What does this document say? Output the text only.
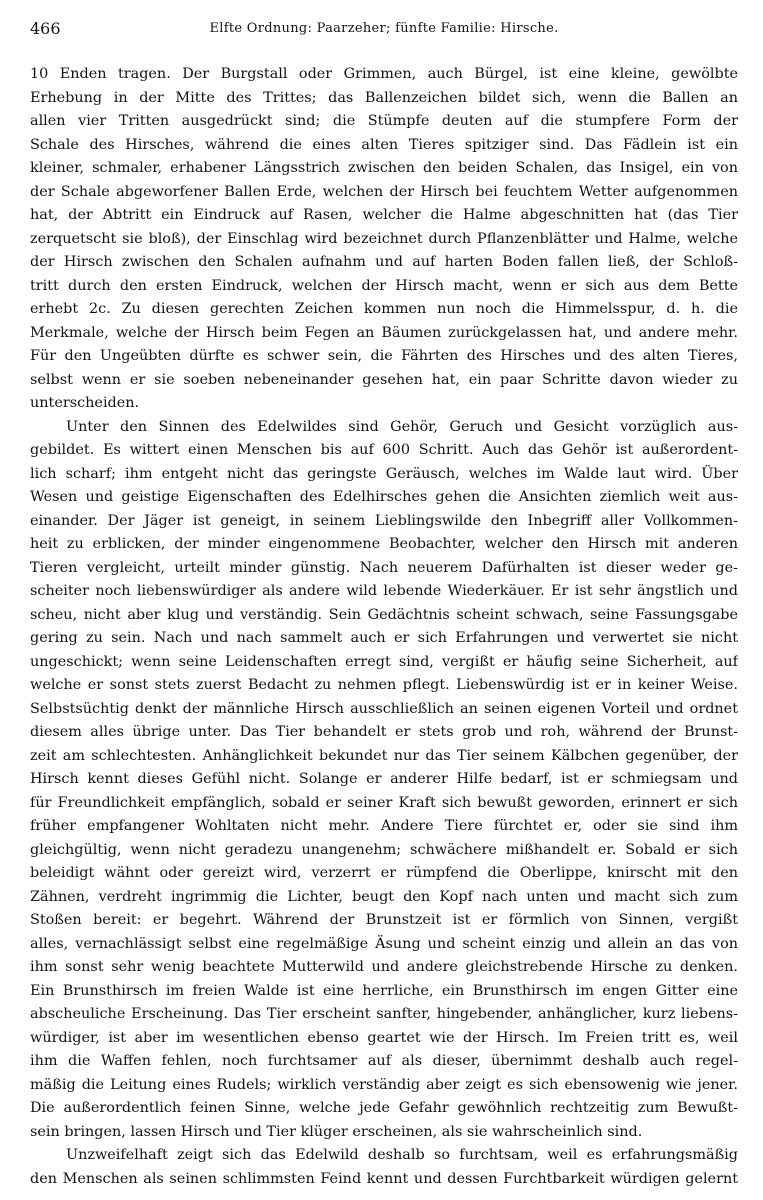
466	Elfte Ordnung: Paarzeher; fünfte Familie: Hirsche.
10 Enden tragen. Der Burgstall oder Grimmen, auch Bürgel, ist eine kleine, gewölbte
Erhebung in der Mitte des Trittes; das Ballenzeichen bildet sich, wenn die Ballen an
allen vier Tritten ausgedrückt sind; die Stümpfe deuten auf die stumpfere Form der
Schale des Hirsches, während die eines alten Tieres spitziger sind. Das Fädlein ist ein
kleiner, schmaler, erhabener Längsstrich zwischen den beiden Schalen, das Insigel, ein von
der Schale abgeworfener Ballen Erde, welchen der Hirsch bei feuchtem Wetter aufgenommen
hat, der Abtritt ein Eindruck auf Rasen, welcher die Halme abgeschnitten hat (das Tier
zerquetscht sie bloß), der Einschlag wird bezeichnet durch Pflanzenblätter und Halme, welche
der Hirsch zwischen den Schalen aufnahm und auf harten Boden fallen ließ, der Schloß-
tritt durch den ersten Eindruck, welchen der Hirsch macht, wenn er sich aus dem Bette
erhebt 2c. Zu diesen gerechten Zeichen kommen nun noch die Himmelsspur, d. h. die
Merkmale, welche der Hirsch beim Fegen an Bäumen zurückgelassen hat, und andere mehr.
Für den Ungeübten dürfte es schwer sein, die Fährten des Hirsches und des alten Tieres,
selbst wenn er sie soeben nebeneinander gesehen hat, ein paar Schritte davon wieder zu
unterscheiden.
Unter den Sinnen des Edelwildes sind Gehör, Geruch und Gesicht vorzüglich aus-
gebildet. Es wittert einen Menschen bis auf 600 Schritt. Auch das Gehör ist außerordent-
lich scharf; ihm entgeht nicht das geringste Geräusch, welches im Walde laut wird. Über
Wesen und geistige Eigenschaften des Edelhirsches gehen die Ansichten ziemlich weit aus-
einander. Der Jäger ist geneigt, in seinem Lieblingswilde den Inbegriff aller Vollkommen-
heit zu erblicken, der minder eingenommene Beobachter, welcher den Hirsch mit anderen
Tieren vergleicht, urteilt minder günstig. Nach neuerem Dafürhalten ist dieser weder ge-
scheiter noch liebenswürdiger als andere wild lebende Wiederkäuer. Er ist sehr ängstlich und
scheu, nicht aber klug und verständig. Sein Gedächtnis scheint schwach, seine Fassungsgabe
gering zu sein. Nach und nach sammelt auch er sich Erfahrungen und verwertet sie nicht
ungeschickt; wenn seine Leidenschaften erregt sind, vergißt er häufig seine Sicherheit, auf
welche er sonst stets zuerst Bedacht zu nehmen pflegt. Liebenswürdig ist er in keiner Weise.
Selbstsüchtig denkt der männliche Hirsch ausschließlich an seinen eigenen Vorteil und ordnet
diesem alles übrige unter. Das Tier behandelt er stets grob und roh, während der Brunst-
zeit am schlechtesten. Anhänglichkeit bekundet nur das Tier seinem Kälbchen gegenüber, der
Hirsch kennt dieses Gefühl nicht. Solange er anderer Hilfe bedarf, ist er schmiegsam und
für Freundlichkeit empfänglich, sobald er seiner Kraft sich bewußt geworden, erinnert er sich
früher empfangener Wohltaten nicht mehr. Andere Tiere fürchtet er, oder sie sind ihm
gleichgültig, wenn nicht geradezu unangenehm; schwächere mißhandelt er. Sobald er sich
beleidigt wähnt oder gereizt wird, verzerrt er rümpfend die Oberlippe, knirscht mit den
Zähnen, verdreht ingrimmig die Lichter, beugt den Kopf nach unten und macht sich zum
Stoßen bereit: er begehrt. Während der Brunstzeit ist er förmlich von Sinnen, vergißt
alles, vernachlässigt selbst eine regelmäßige Äsung und scheint einzig und allein an das von
ihm sonst sehr wenig beachtete Mutterwild und andere gleichstrebende Hirsche zu denken.
Ein Brunsthirsch im freien Walde ist eine herrliche, ein Brunsthirsch im engen Gitter eine
abscheuliche Erscheinung. Das Tier erscheint sanfter, hingebender, anhänglicher, kurz liebens-
würdiger, ist aber im wesentlichen ebenso geartet wie der Hirsch. Im Freien tritt es, weil
ihm die Waffen fehlen, noch furchtsamer auf als dieser, übernimmt deshalb auch regel-
mäßig die Leitung eines Rudels; wirklich verständig aber zeigt es sich ebensowenig wie jener.
Die außerordentlich feinen Sinne, welche jede Gefahr gewöhnlich rechtzeitig zum Bewußt-
sein bringen, lassen Hirsch und Tier klüger erscheinen, als sie wahrscheinlich sind.
Unzweifelhaft zeigt sich das Edelwild deshalb so furchtsam, weil es erfahrungsmäßig
den Menschen als seinen schlimmsten Feind kennt und dessen Furchtbarkeit würdigen gelernt
